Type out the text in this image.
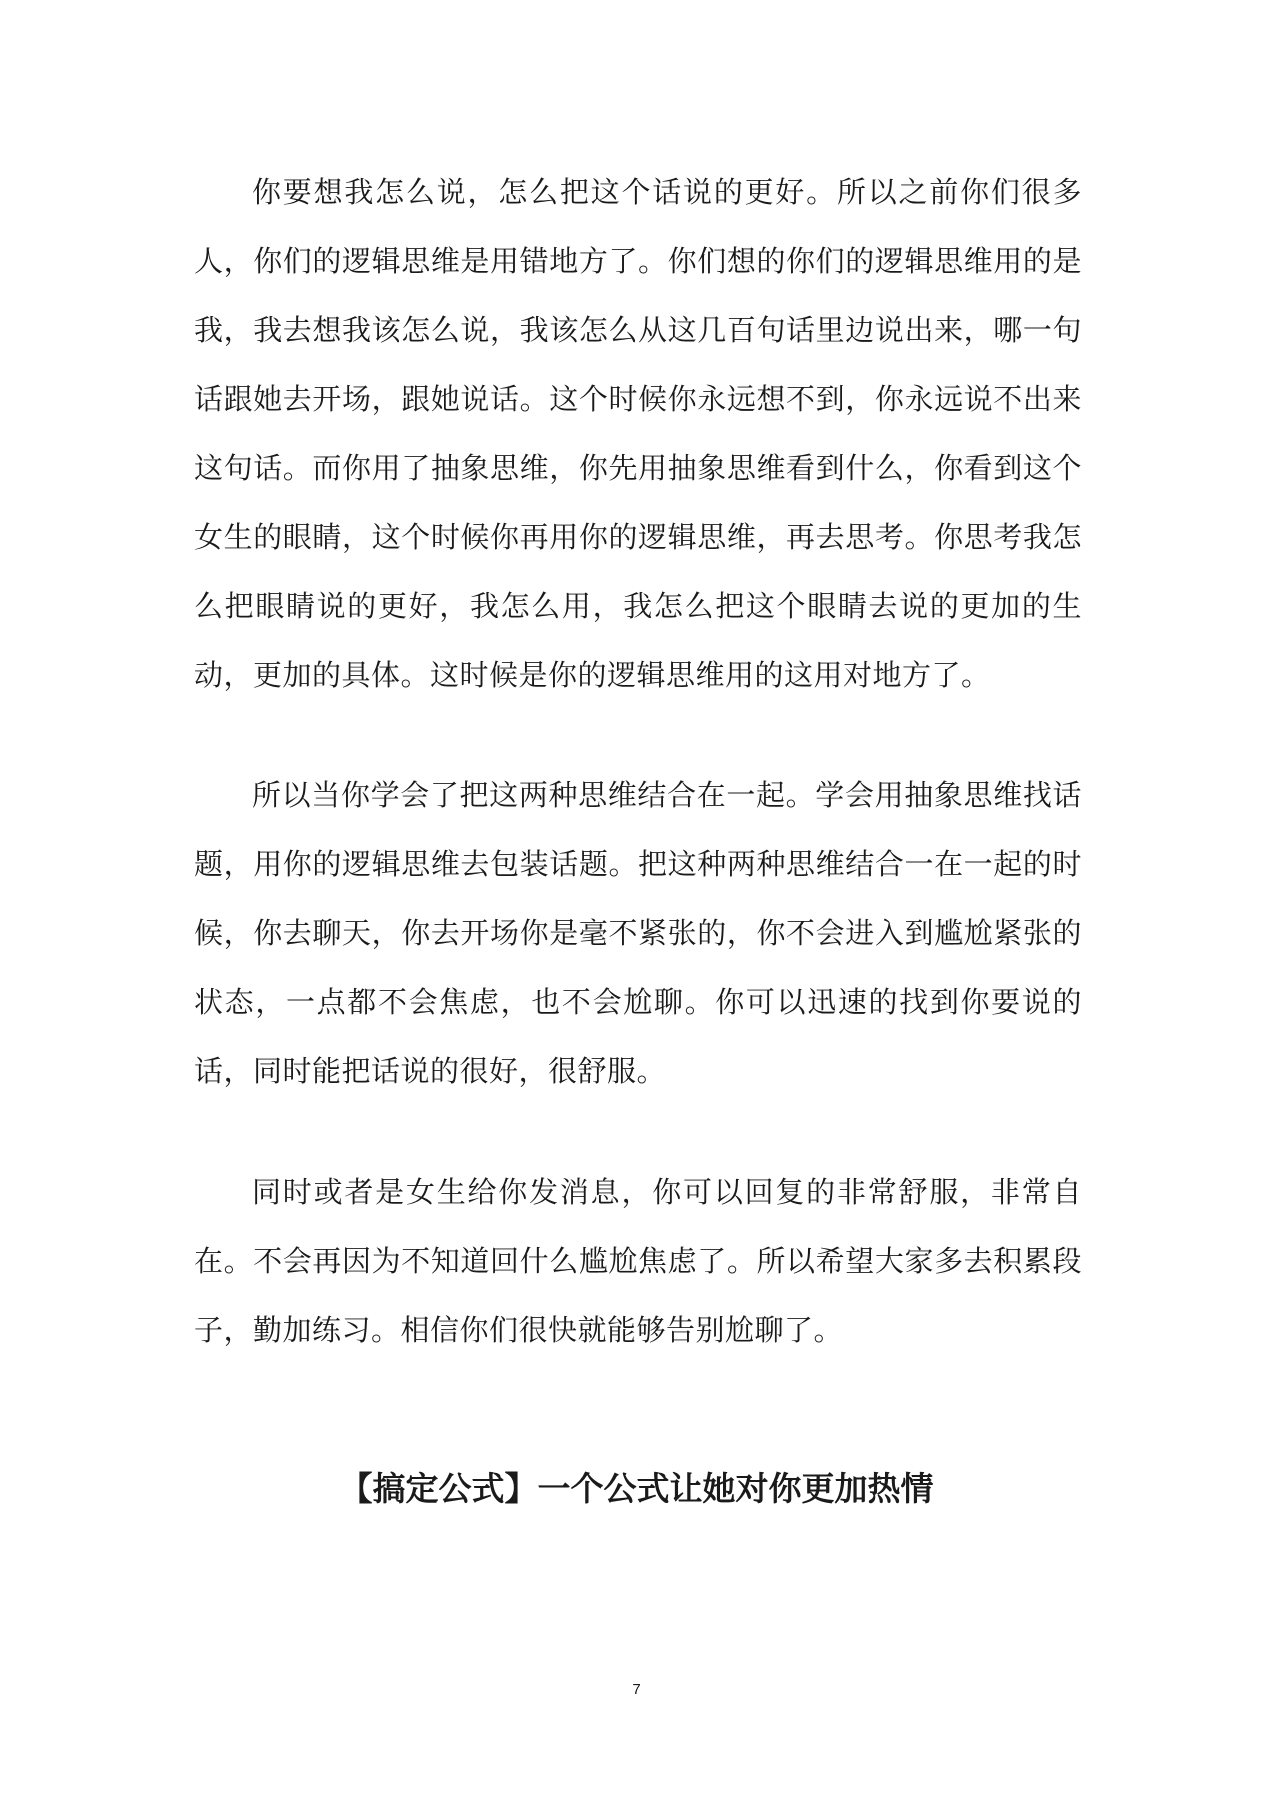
你要想我怎么说，怎么把这个话说的更好。所以之前你们很多人，你们的逻辑思维是用错地方了。你们想的你们的逻辑思维用的是我，我去想我该怎么说，我该怎么从这几百句话里边说出来，哪一句话跟她去开场，跟她说话。这个时候你永远想不到，你永远说不出来这句话。而你用了抽象思维，你先用抽象思维看到什么，你看到这个女生的眼睛，这个时候你再用你的逻辑思维，再去思考。你思考我怎么把眼睛说的更好，我怎么用，我怎么把这个眼睛去说的更加的生动，更加的具体。这时候是你的逻辑思维用的这用对地方了。

所以当你学会了把这两种思维结合在一起。学会用抽象思维找话题，用你的逻辑思维去包装话题。把这种两种思维结合一在一起的时候，你去聊天，你去开场你是毫不紧张的，你不会进入到尴尬紧张的状态，一点都不会焦虑，也不会尬聊。你可以迅速的找到你要说的话，同时能把话说的很好，很舒服。

同时或者是女生给你发消息，你可以回复的非常舒服，非常自在。不会再因为不知道回什么尴尬焦虑了。所以希望大家多去积累段子，勤加练习。相信你们很快就能够告别尬聊了。

【搞定公式】一个公式让她对你更加热情
7
